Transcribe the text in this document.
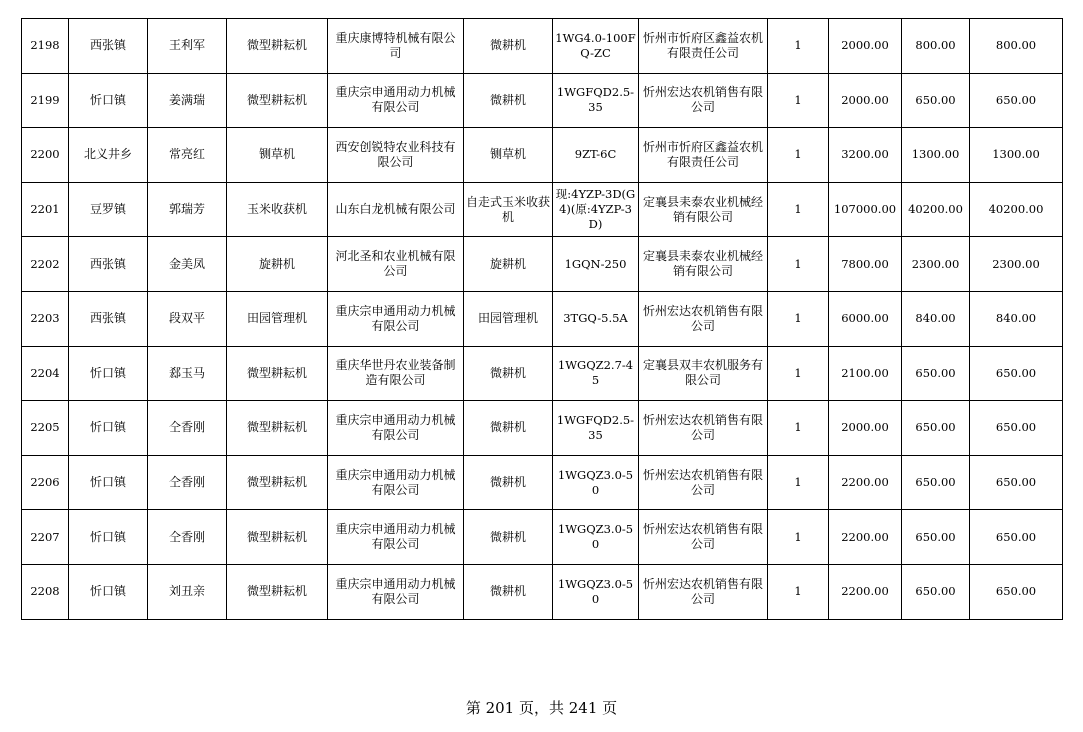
2198	西张镇	王利军	微型耕耘机	重庆康博特机械有限公司	微耕机	1WG4.0-100FQ-ZC	忻州市忻府区鑫益农机有限责任公司	1	2000.00	800.00	800.00
2199	忻口镇	姜满瑞	微型耕耘机	重庆宗申通用动力机械有限公司	微耕机	1WGFQD2.5-35	忻州宏达农机销售有限公司	1	2000.00	650.00	650.00
2200	北义井乡	常亮红	铡草机	西安创锐特农业科技有限公司	铡草机	9ZT-6C	忻州市忻府区鑫益农机有限责任公司	1	3200.00	1300.00	1300.00
2201	豆罗镇	郭瑞芳	玉米收获机	山东白龙机械有限公司	自走式玉米收获机	现:4YZP-3D(G4)(原:4YZP-3D)	定襄县耒泰农业机械经销有限公司	1	107000.00	40200.00	40200.00
2202	西张镇	金美凤	旋耕机	河北圣和农业机械有限公司	旋耕机	1GQN-250	定襄县耒泰农业机械经销有限公司	1	7800.00	2300.00	2300.00
2203	西张镇	段双平	田园管理机	重庆宗申通用动力机械有限公司	田园管理机	3TGQ-5.5A	忻州宏达农机销售有限公司	1	6000.00	840.00	840.00
2204	忻口镇	郄玉马	微型耕耘机	重庆华世丹农业装备制造有限公司	微耕机	1WGQZ2.7-45	定襄县双丰农机服务有限公司	1	2100.00	650.00	650.00
2205	忻口镇	仝香刚	微型耕耘机	重庆宗申通用动力机械有限公司	微耕机	1WGFQD2.5-35	忻州宏达农机销售有限公司	1	2000.00	650.00	650.00
2206	忻口镇	仝香刚	微型耕耘机	重庆宗申通用动力机械有限公司	微耕机	1WGQZ3.0-50	忻州宏达农机销售有限公司	1	2200.00	650.00	650.00
2207	忻口镇	仝香刚	微型耕耘机	重庆宗申通用动力机械有限公司	微耕机	1WGQZ3.0-50	忻州宏达农机销售有限公司	1	2200.00	650.00	650.00
2208	忻口镇	刘丑亲	微型耕耘机	重庆宗申通用动力机械有限公司	微耕机	1WGQZ3.0-50	忻州宏达农机销售有限公司	1	2200.00	650.00	650.00
第 201 页，共 241 页
